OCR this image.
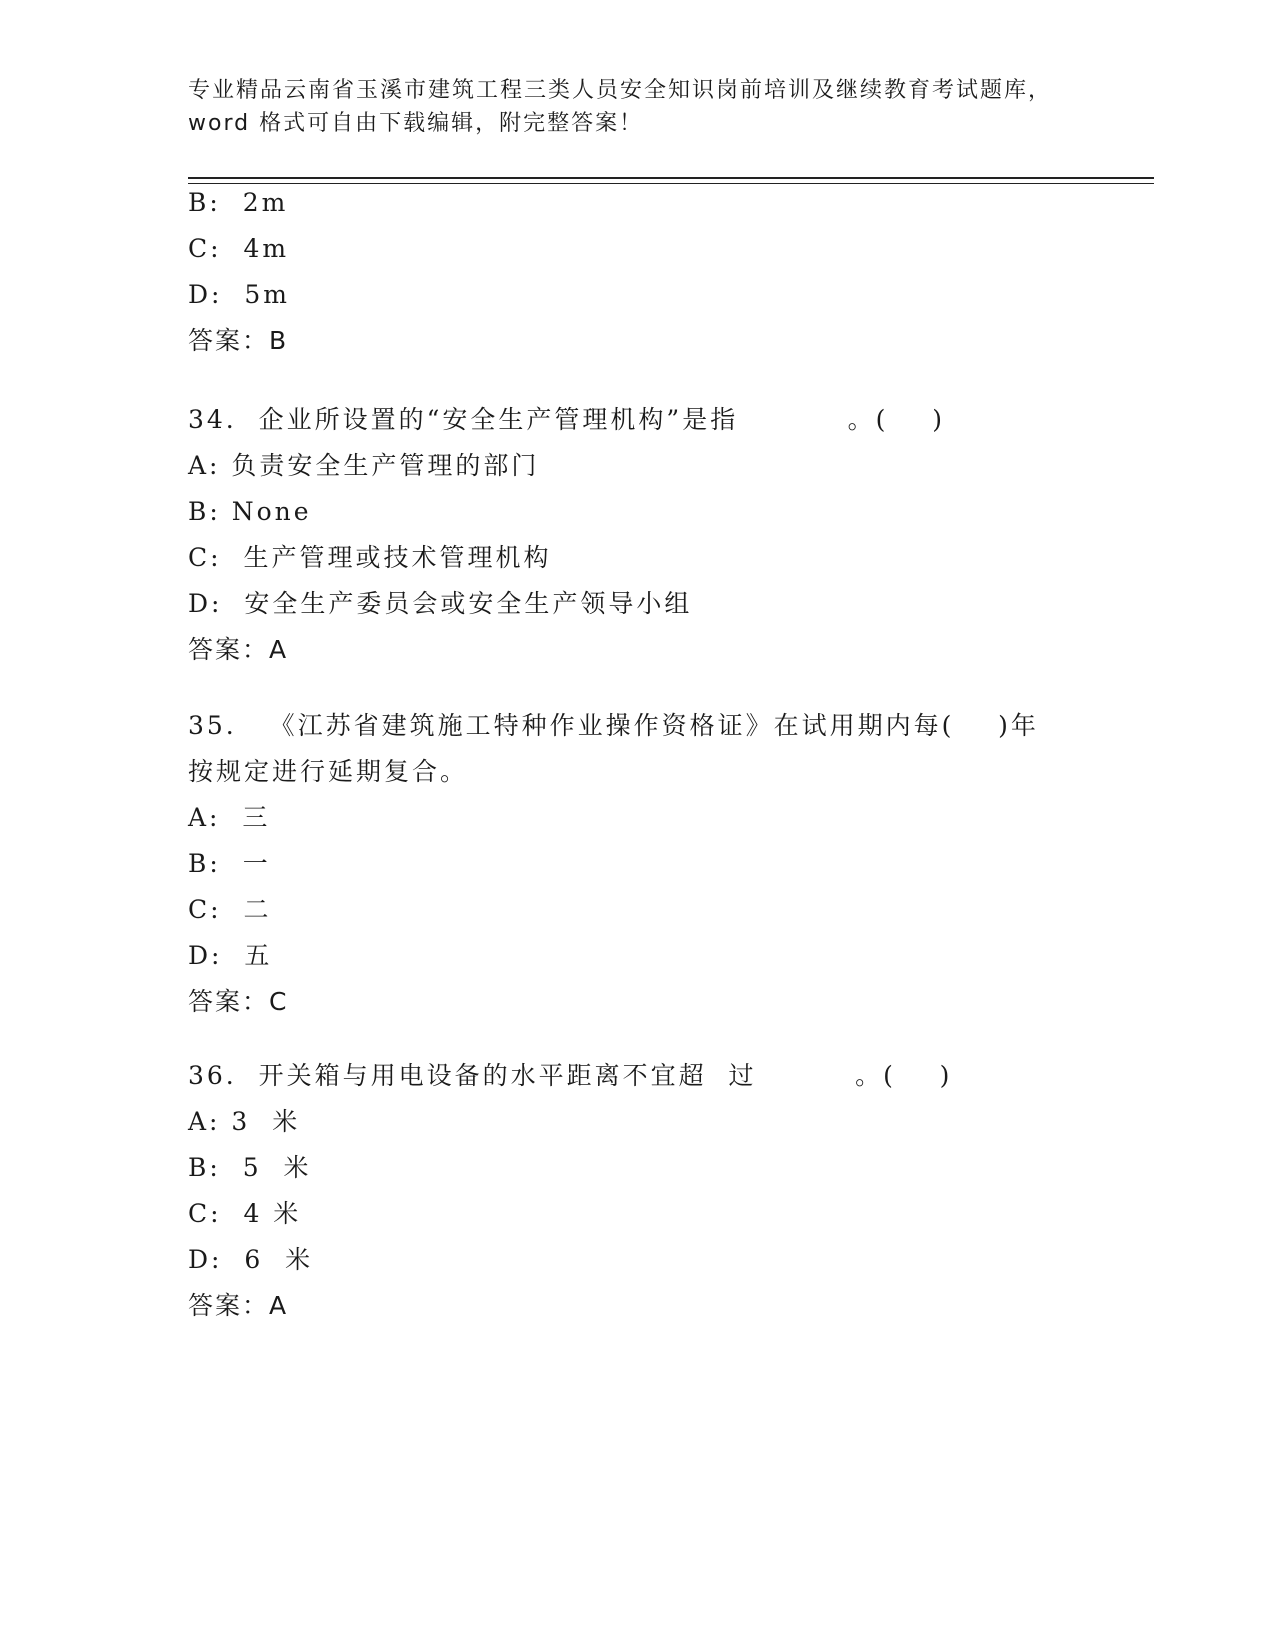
专业精品云南省玉溪市建筑工程三类人员安全知识岗前培训及继续教育考试题库，
word 格式可自由下载编辑，附完整答案！
B:  2m
C:  4m
D:  5m
答案：B
34.  企业所设置的“安全生产管理机构”是指          。(    )
A: 负责安全生产管理的部门
B: None
C:  生产管理或技术管理机构
D:  安全生产委员会或安全生产领导小组
答案：A
35.   《江苏省建筑施工特种作业操作资格证》在试用期内每(    )年
按规定进行延期复合。
A:  三
B:  一
C:  二
D:  五
答案：C
36.  开关箱与用电设备的水平距离不宜超  过         。(    )
A: 3  米
B:  5  米
C:  4 米
D:  6  米
答案：A
